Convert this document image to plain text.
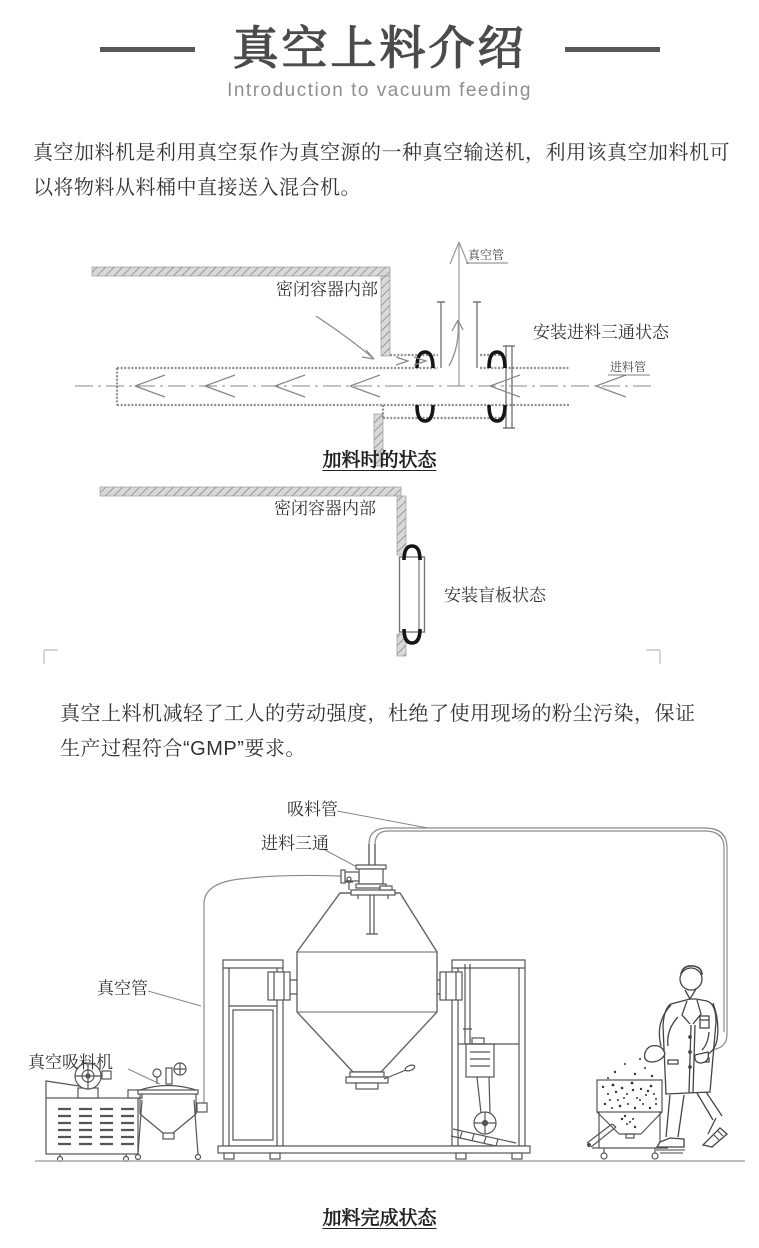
真空上料介绍
Introduction to vacuum feeding
真空加料机是利用真空泵作为真空源的一种真空输送机，利用该真空加料机可以将物料从料桶中直接送入混合机。
真空管
密闭容器内部
安装进料三通状态
进料管
加料时的状态
密闭容器内部
安装盲板状态
真空上料机减轻了工人的劳动强度，杜绝了使用现场的粉尘污染，保证生产过程符合“GMP”要求。
吸料管
进料三通
真空管
真空吸料机
加料完成状态
